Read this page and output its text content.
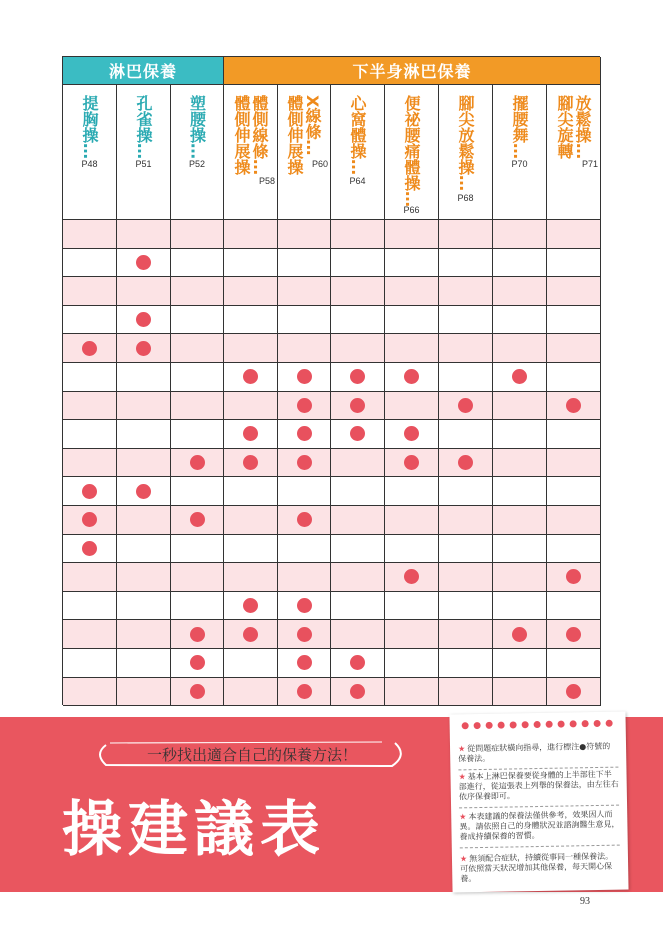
淋巴保養	下半身淋巴保養
提胸操…
P48
孔雀操…
P51
塑腰操…
P52	體側線條…
體側伸展操
P58
X線條…
體側伸展操 P60 心窩體操…
P64 便祕腰痛體操…
P66
腳尖放鬆操…
P68
擺腰舞…
P70
放鬆操…
腳尖旋轉
P71
一秒找出適合自己的保養方法！
操建議表
★ 從問題症狀橫向指尋，進行標注●符號的保養法。
★ 基本上淋巴保養要從身體的上半部往下半部進行，從這張表上列舉的保養法，由左往右依序保養即可。
★ 本表建議的保養法僅供參考，效果因人而異。請依照自己的身體狀況並諮詢醫生意見，養成持續保養的習慣。
★ 無須配合症狀，持續從事同一種保養法。可依照當天狀況增加其他保養，每天開心保養。
93
